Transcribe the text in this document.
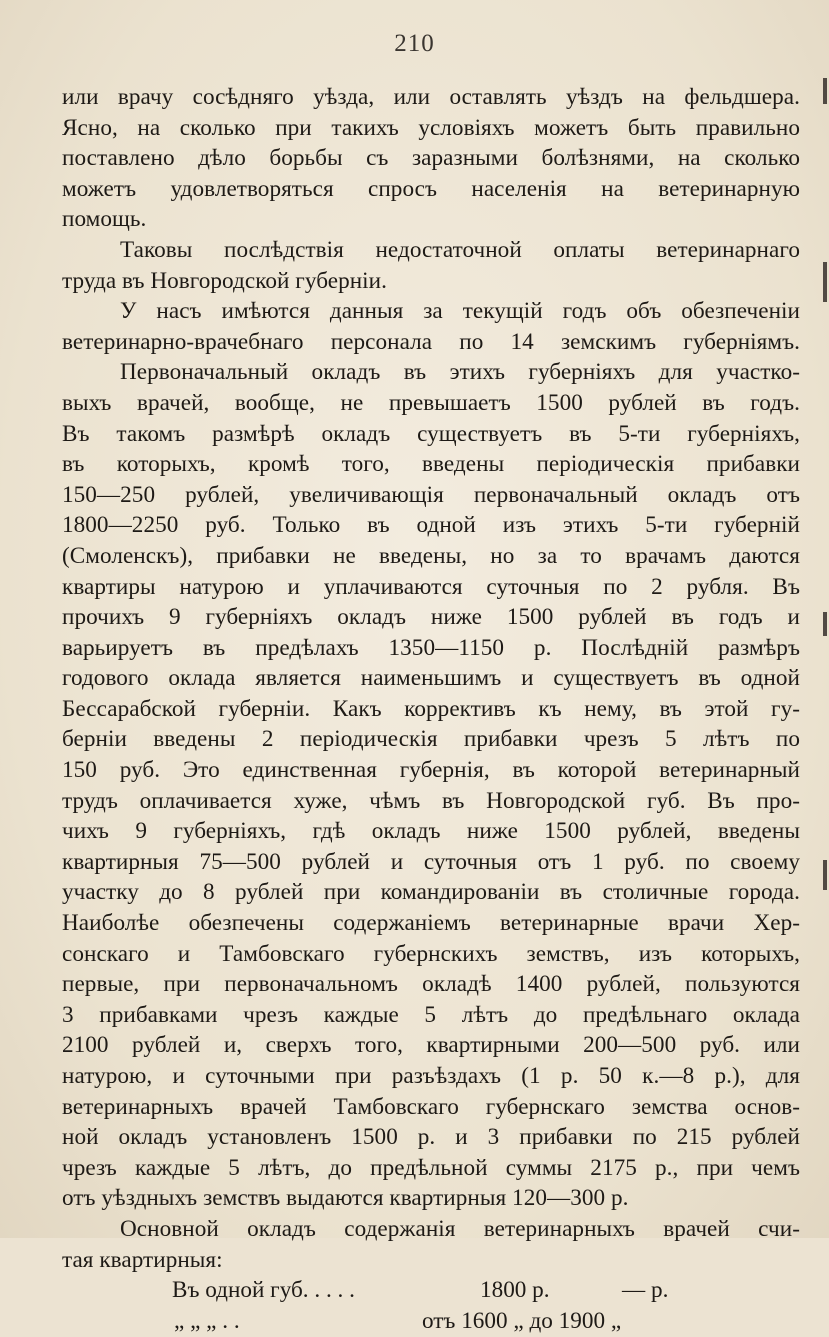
210
или врачу сосѣдняго уѣзда, или оставлять уѣздъ на фельдшера.
Ясно, на сколько при такихъ условіяхъ можетъ быть правильно
поставлено дѣло борьбы съ заразными болѣзнями, на сколько
можетъ удовлетворяться спросъ населенія на ветеринарную
помощь.
Таковы послѣдствія недостаточной оплаты ветеринарнаго
труда въ Новгородской губерніи.
У насъ имѣются данныя за текущій годъ объ обезпеченіи
ветеринарно-врачебнаго персонала по 14 земскимъ губерніямъ.
Первоначальный окладъ въ этихъ губерніяхъ для участко-
выхъ врачей, вообще, не превышаетъ 1500 рублей въ годъ.
Въ такомъ размѣрѣ окладъ существуетъ въ 5-ти губерніяхъ,
въ которыхъ, кромѣ того, введены періодическія прибавки
150—250 рублей, увеличивающія первоначальный окладъ отъ
1800—2250 руб. Только въ одной изъ этихъ 5-ти губерній
(Смоленскъ), прибавки не введены, но за то врачамъ даются
квартиры натурою и уплачиваются суточныя по 2 рубля. Въ
прочихъ 9 губерніяхъ окладъ ниже 1500 рублей въ годъ и
варьируетъ въ предѣлахъ 1350—1150 р. Послѣдній размѣръ
годового оклада является наименьшимъ и существуетъ въ одной
Бессарабской губерніи. Какъ коррективъ къ нему, въ этой гу-
берніи введены 2 періодическія прибавки чрезъ 5 лѣтъ по
150 руб. Это единственная губернія, въ которой ветеринарный
трудъ оплачивается хуже, чѣмъ въ Новгородской губ. Въ про-
чихъ 9 губерніяхъ, гдѣ окладъ ниже 1500 рублей, введены
квартирныя 75—500 рублей и суточныя отъ 1 руб. по своему
участку до 8 рублей при командированіи въ столичные города.
Наиболѣе обезпечены содержаніемъ ветеринарные врачи Хер-
сонскаго и Тамбовскаго губернскихъ земствъ, изъ которыхъ,
первые, при первоначальномъ окладѣ 1400 рублей, пользуются
3 прибавками чрезъ каждые 5 лѣтъ до предѣльнаго оклада
2100 рублей и, сверхъ того, квартирными 200—500 руб. или
натурою, и суточными при разъѣздахъ (1 р. 50 к.—8 р.), для
ветеринарныхъ врачей Тамбовскаго губернскаго земства основ-
ной окладъ установленъ 1500 р. и 3 прибавки по 215 рублей
чрезъ каждые 5 лѣтъ, до предѣльной суммы 2175 р., при чемъ
отъ уѣздныхъ земствъ выдаются квартирныя 120—300 р.
Основной окладъ содержанія ветеринарныхъ врачей счи-
тая квартирныя:
Въ одной губ. . . . .	1800 р.	— р.
„ „ „ . .	отъ 1600 „ до 1900 „
